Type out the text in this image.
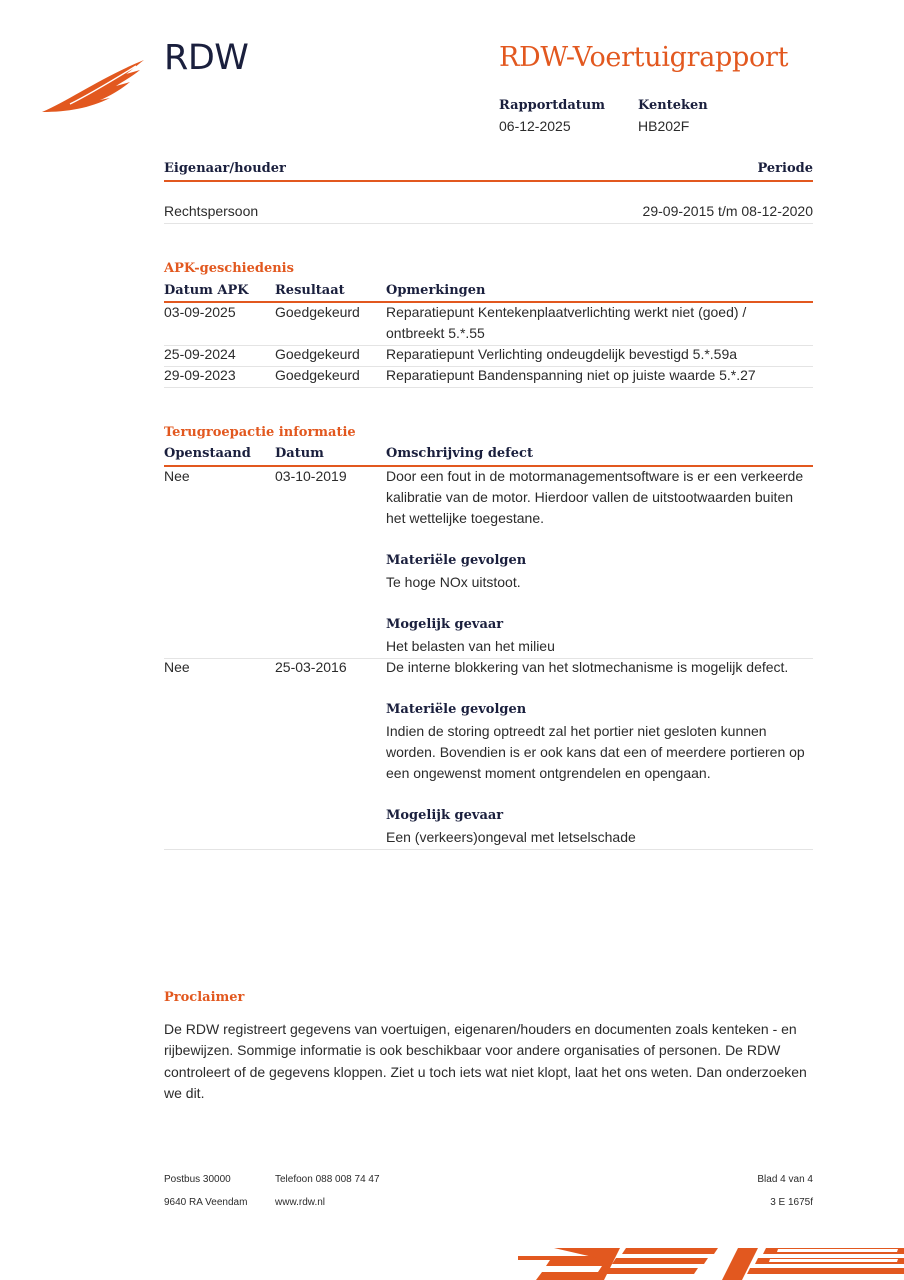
RDW	RDW-Voertuigrapport
Rapportdatum
06-12-2025
Kenteken
HB202F
Eigenaar/houder	Periode
Rechtspersoon	29-09-2015 t/m 08-12-2020
APK-geschiedenis
Datum APK Resultaat	Opmerkingen
03-09-2025	Goedgekeurd Reparatiepunt Kentekenplaatverlichting werkt niet (goed) /
ontbreekt 5.*.55
25-09-2024	Goedgekeurd Reparatiepunt Verlichting ondeugdelijk bevestigd 5.*.59a
29-09-2023	Goedgekeurd Reparatiepunt Bandenspanning niet op juiste waarde 5.*.27
Terugroepactie informatie
Openstaand Datum	Omschrijving defect
Nee	03-10-2019	Door een fout in de motormanagementsoftware is er een verkeerde
kalibratie van de motor. Hierdoor vallen de uitstootwaarden buiten
het wettelijke toegestane.
Materiële gevolgen
Te hoge NOx uitstoot.
Mogelijk gevaar
Het belasten van het milieu
Nee	25-03-2016	De interne blokkering van het slotmechanisme is mogelijk defect.
Materiële gevolgen
Indien de storing optreedt zal het portier niet gesloten kunnen
worden. Bovendien is er ook kans dat een of meerdere portieren op
een ongewenst moment ontgrendelen en opengaan.
Mogelijk gevaar
Een (verkeers)ongeval met letselschade
Proclaimer
De RDW registreert gegevens van voertuigen, eigenaren/houders en documenten zoals kenteken - en rijbewijzen. Sommige informatie is ook beschikbaar voor andere organisaties of personen. De RDW controleert of de gegevens kloppen. Ziet u toch iets wat niet klopt, laat het ons weten. Dan onderzoeken we dit.
Postbus 30000
9640 RA Veendam
Telefoon 088 008 74 47
www.rdw.nl
Blad 4 van 4
3 E 1675f
